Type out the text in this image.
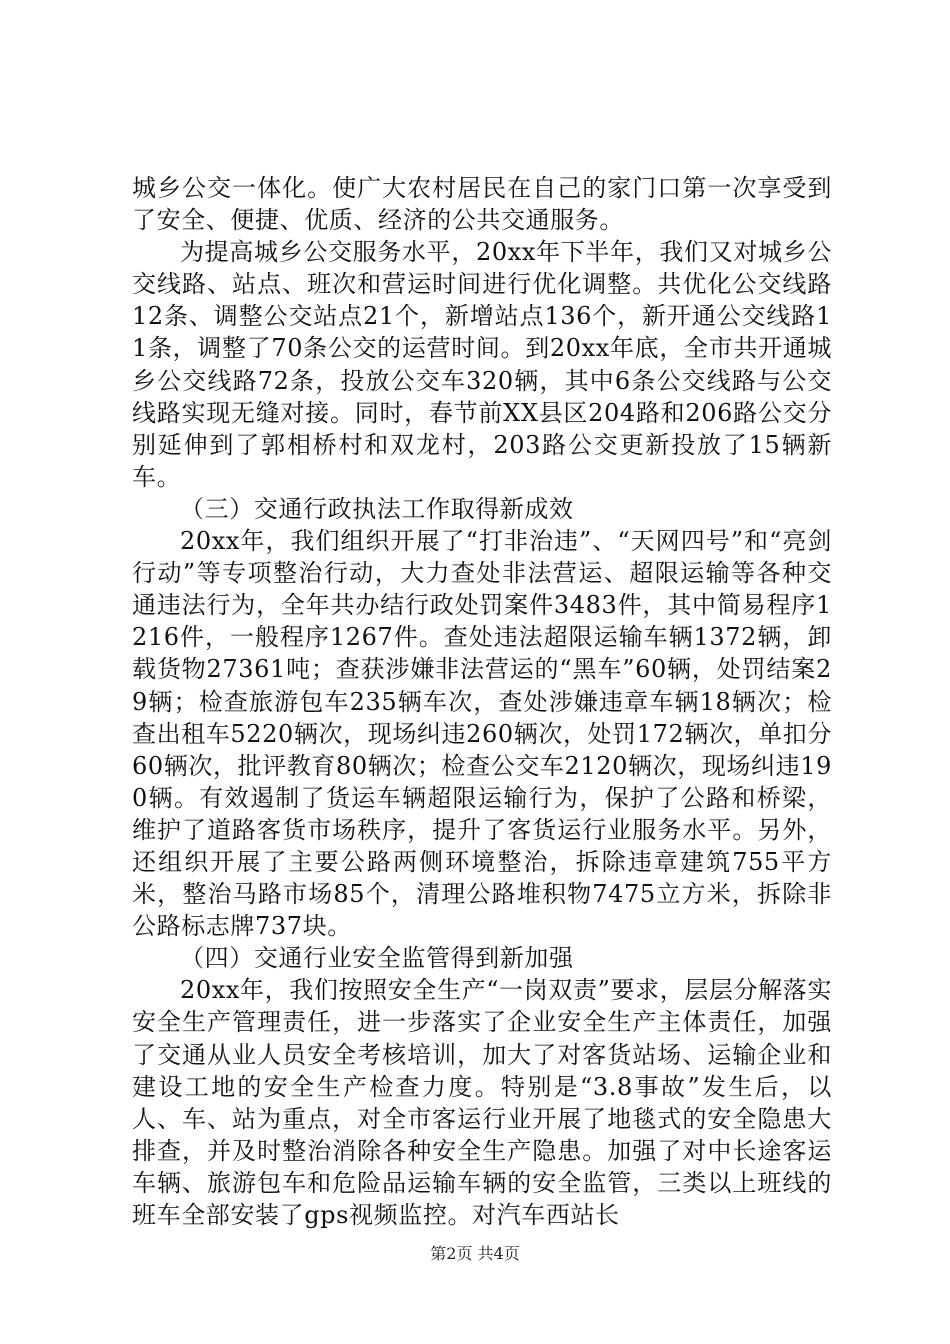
城乡公交一体化。使广大农村居民在自己的家门口第一次享受到了安全、便捷、优质、经济的公共交通服务。

为提高城乡公交服务水平，20xx年下半年，我们又对城乡公交线路、站点、班次和营运时间进行优化调整。共优化公交线路12条、调整公交站点21个，新增站点136个，新开通公交线路11条，调整了70条公交的运营时间。到20xx年底，全市共开通城乡公交线路72条，投放公交车320辆，其中6条公交线路与公交线路实现无缝对接。同时，春节前XX县区204路和206路公交分别延伸到了郭相桥村和双龙村，203路公交更新投放了15辆新车。

（三）交通行政执法工作取得新成效

20xx年，我们组织开展了“打非治违”、“天网四号”和“亮剑行动”等专项整治行动，大力查处非法营运、超限运输等各种交通违法行为，全年共办结行政处罚案件3483件，其中简易程序1216件，一般程序1267件。查处违法超限运输车辆1372辆，卸载货物27361吨；查获涉嫌非法营运的“黑车”60辆，处罚结案29辆；检查旅游包车235辆车次，查处涉嫌违章车辆18辆次；检查出租车5220辆次，现场纠违260辆次，处罚172辆次，单扣分60辆次，批评教育80辆次；检查公交车2120辆次，现场纠违190辆。有效遏制了货运车辆超限运输行为，保护了公路和桥梁，维护了道路客货市场秩序，提升了客货运行业服务水平。另外，还组织开展了主要公路两侧环境整治，拆除违章建筑755平方米，整治马路市场85个，清理公路堆积物7475立方米，拆除非公路标志牌737块。

（四）交通行业安全监管得到新加强

20xx年，我们按照安全生产“一岗双责”要求，层层分解落实安全生产管理责任，进一步落实了企业安全生产主体责任，加强了交通从业人员安全考核培训，加大了对客货站场、运输企业和建设工地的安全生产检查力度。特别是“3.8事故”发生后，以人、车、站为重点，对全市客运行业开展了地毯式的安全隐患大排查，并及时整治消除各种安全生产隐患。加强了对中长途客运车辆、旅游包车和危险品运输车辆的安全监管，三类以上班线的班车全部安装了gps视频监控。对汽车西站长

第2页 共4页
